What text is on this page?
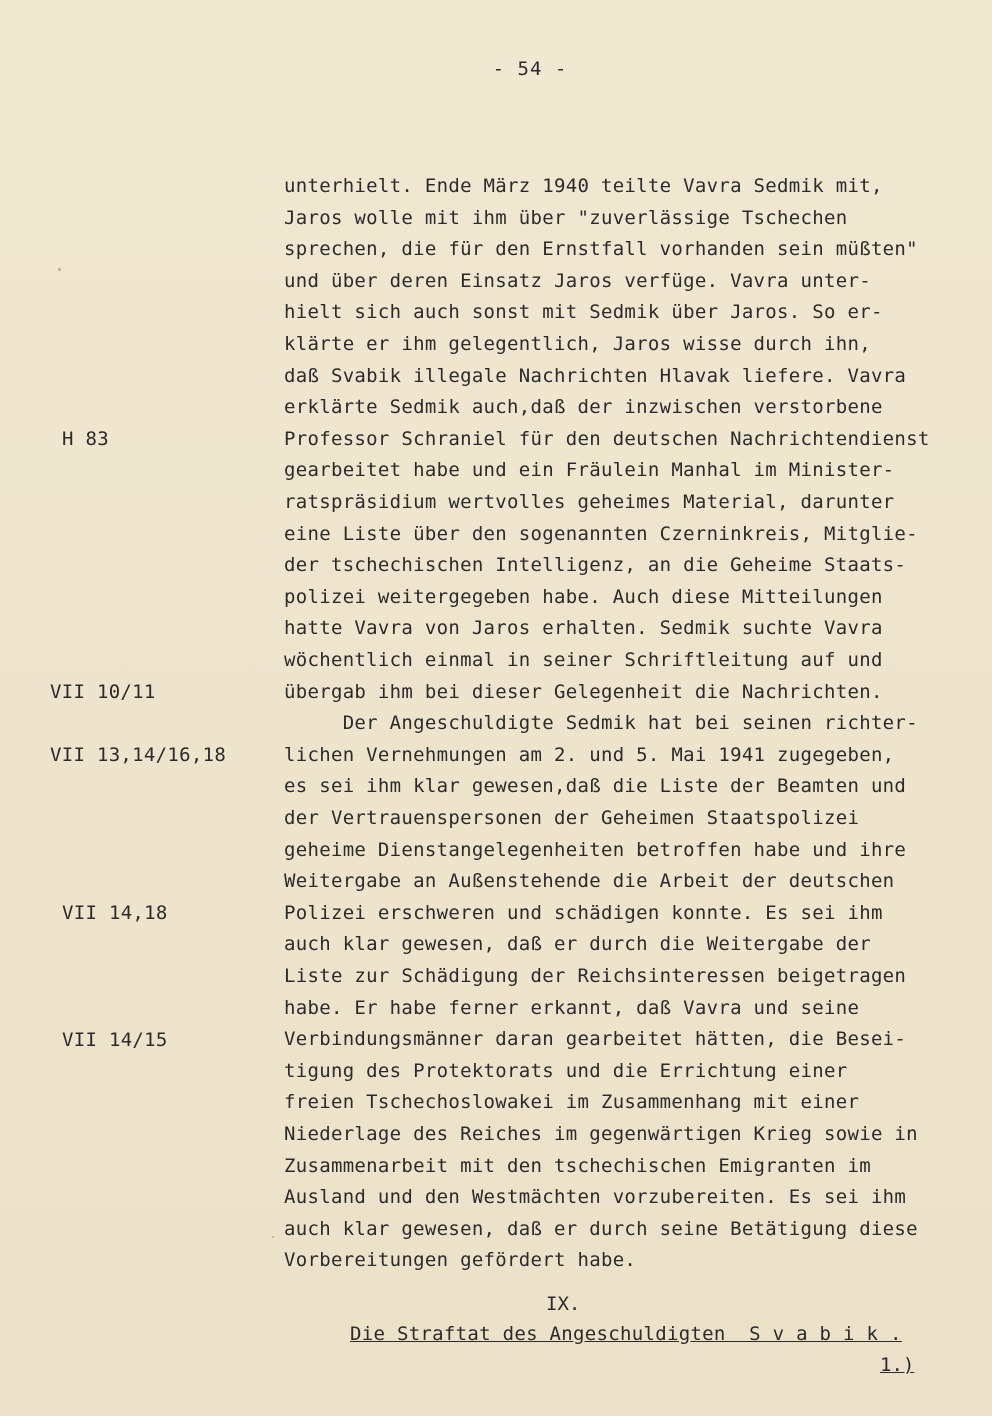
- 54 -
H 83
VII 10/11
VII 13,14/16,18
VII 14,18
VII 14/15
unterhielt. Ende März 1940 teilte Vavra Sedmik mit,
Jaros wolle mit ihm über "zuverlässige Tschechen
sprechen, die für den Ernstfall vorhanden sein müßten"
und über deren Einsatz Jaros verfüge. Vavra unter-
hielt sich auch sonst mit Sedmik über Jaros. So er-
klärte er ihm gelegentlich, Jaros wisse durch ihn,
daß Svabik illegale Nachrichten Hlavak liefere. Vavra
erklärte Sedmik auch,daß der inzwischen verstorbene
Professor Schraniel für den deutschen Nachrichtendienst
gearbeitet habe und ein Fräulein Manhal im Minister-
ratspräsidium wertvolles geheimes Material, darunter
eine Liste über den sogenannten Czerninkreis, Mitglie-
der tschechischen Intelligenz, an die Geheime Staats-
polizei weitergegeben habe. Auch diese Mitteilungen
hatte Vavra von Jaros erhalten. Sedmik suchte Vavra
wöchentlich einmal in seiner Schriftleitung auf und
übergab ihm bei dieser Gelegenheit die Nachrichten.
Der Angeschuldigte Sedmik hat bei seinen richter-
lichen Vernehmungen am 2. und 5. Mai 1941 zugegeben,
es sei ihm klar gewesen,daß die Liste der Beamten und
der Vertrauenspersonen der Geheimen Staatspolizei
geheime Dienstangelegenheiten betroffen habe und ihre
Weitergabe an Außenstehende die Arbeit der deutschen
Polizei erschweren und schädigen konnte. Es sei ihm
auch klar gewesen, daß er durch die Weitergabe der
Liste zur Schädigung der Reichsinteressen beigetragen
habe. Er habe ferner erkannt, daß Vavra und seine
Verbindungsmänner daran gearbeitet hätten, die Besei-
tigung des Protektorats und die Errichtung einer
freien Tschechoslowakei im Zusammenhang mit einer
Niederlage des Reiches im gegenwärtigen Krieg sowie in
Zusammenarbeit mit den tschechischen Emigranten im
Ausland und den Westmächten vorzubereiten. Es sei ihm
auch klar gewesen, daß er durch seine Betätigung diese
Vorbereitungen gefördert habe.
IX.
Die Straftat des Angeschuldigten  S v a b i k .
1.)
